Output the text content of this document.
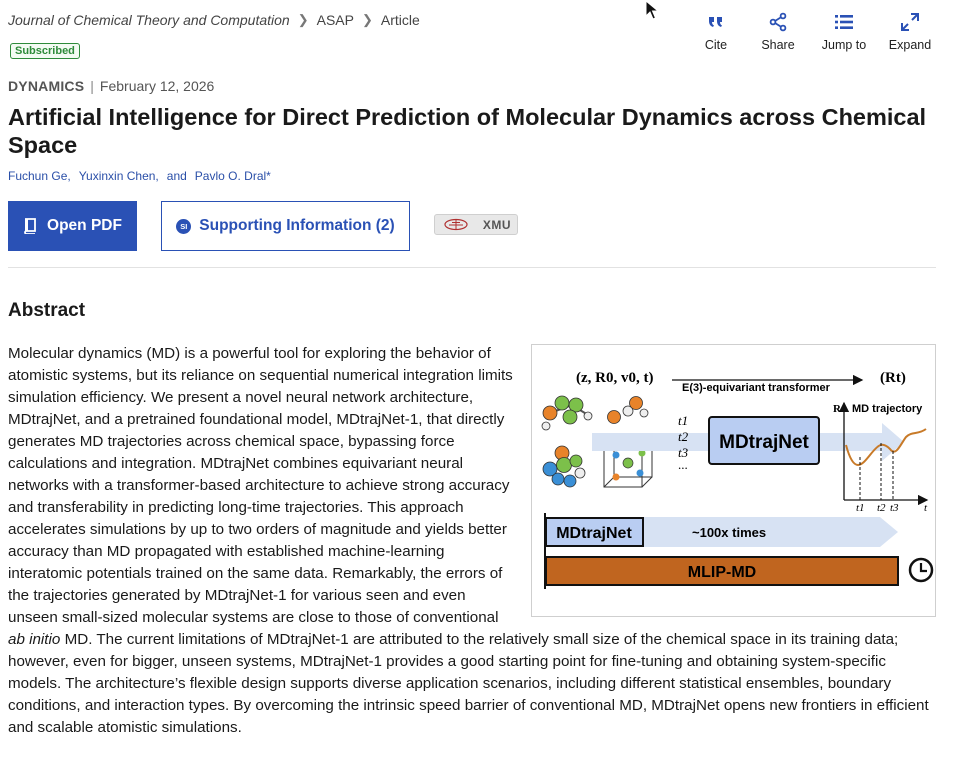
Journal of Chemical Theory and Computation ❯ ASAP ❯ Article
Subscribed	Cite	Share Jump to Expand
DYNAMICS | February 12, 2026
Artificial Intelligence for Direct Prediction of Molecular Dynamics across Chemical Space
Fuchun Ge, Yuxinxin Chen, and Pavlo O. Dral*
Open PDF	SI Supporting Information (2)	XMU
Abstract
(z, R0, v0, t)
E(3)-equivariant transformer
(Rt)
t1
t2
t3
...
MDtrajNet
R MD trajectory
t1 t2 t3 t
MDtrajNet	~100x times
MLIP-MD
Molecular dynamics (MD) is a powerful tool for exploring the behavior of atomistic systems, but its reliance on sequential numerical integration limits simulation efficiency. We present a novel neural network architecture, MDtrajNet, and a pretrained foundational model, MDtrajNet-1, that directly generates MD trajectories across chemical space, bypassing force calculations and integration. MDtrajNet combines equivariant neural networks with a transformer-based architecture to achieve strong accuracy and transferability in predicting long-time trajectories. This approach accelerates simulations by up to two orders of magnitude and yields better accuracy than MD propagated with established machine-learning interatomic potentials trained on the same data. Remarkably, the errors of the trajectories generated by MDtrajNet-1 for various seen and even unseen small-sized molecular systems are close to those of conventional ab initio MD. The current limitations of MDtrajNet-1 are attributed to the relatively small size of the chemical space in its training data; however, even for bigger, unseen systems, MDtrajNet-1 provides a good starting point for fine-tuning and obtaining system-specific models. The architecture’s flexible design supports diverse application scenarios, including different statistical ensembles, boundary conditions, and interaction types. By overcoming the intrinsic speed barrier of conventional MD, MDtrajNet opens new frontiers in efficient and scalable atomistic simulations.
